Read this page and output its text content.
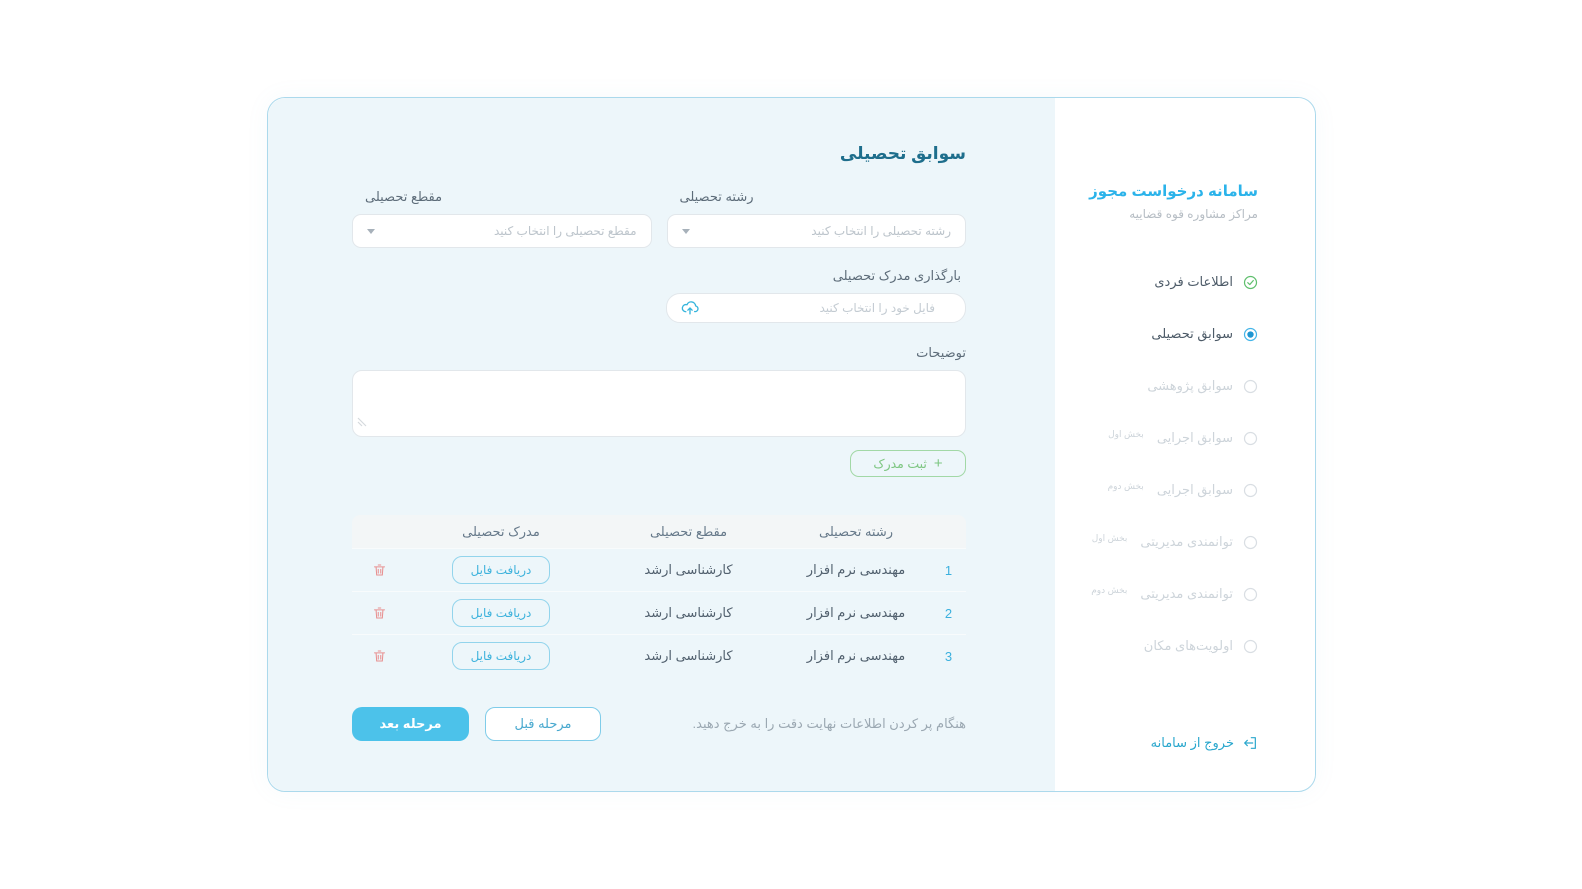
سوابق تحصیلی
مقطع تحصیلی
مقطع تحصیلی را انتخاب کنید
رشته تحصیلی
رشته تحصیلی را انتخاب کنید
بارگذاری مدرک تحصیلی
فایل خود را انتخاب کنید
توضیحات
+
ثبت مدرک
رشته تحصیلی
مقطع تحصیلی
مدرک تحصیلی
1
مهندسی نرم افزار
کارشناسی ارشد
دریافت فایل
2
مهندسی نرم افزار
کارشناسی ارشد
دریافت فایل
3
مهندسی نرم افزار
کارشناسی ارشد
دریافت فایل
مرحله بعد	مرحله قبل	هنگام پر کردن اطلاعات نهایت دقت را به خرج دهید.
سامانه درخواست مجوز
مراکز مشاوره قوه قضاییه
اطلاعات فردی
سوابق تحصیلی
سوابق پژوهشی
سوابق اجرایی
بخش اول
سوابق اجرایی
بخش دوم
توانمندی مدیریتی
بخش اول
توانمندی مدیریتی
بخش دوم
اولویت‌های مکان
خروج از سامانه
